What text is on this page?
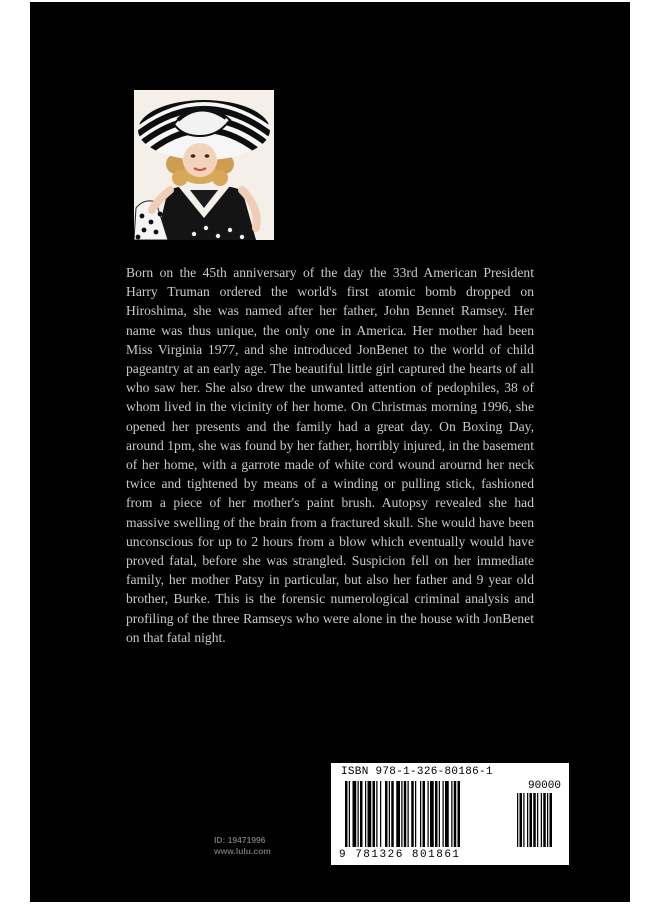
Born on the 45th anniversary of the day the 33rd American President Harry Truman ordered the world's first atomic bomb dropped on Hiroshima, she was named after her father, John Bennet Ramsey. Her name was thus unique, the only one in America. Her mother had been Miss Virginia 1977, and she introduced JonBenet to the world of child pageantry at an early age. The beautiful little girl captured the hearts of all who saw her. She also drew the unwanted attention of pedophiles, 38 of whom lived in the vicinity of her home. On Christmas morning 1996, she opened her presents and the family had a great day. On Boxing Day, around 1pm, she was found by her father, horribly injured, in the basement of her home, with a garrote made of white cord wound arournd her neck twice and tightened by means of a winding or pulling stick, fashioned from a piece of her mother's paint brush. Autopsy revealed she had massive swelling of the brain from a fractured skull. She would have been unconscious for up to 2 hours from a blow which eventually would have proved fatal, before she was strangled. Suspicion fell on her immediate family, her mother Patsy in particular, but also her father and 9 year old brother, Burke. This is the forensic numerological criminal analysis and profiling of the three Ramseys who were alone in the house with JonBenet on that fatal night.

ID: 19471996
www.lulu.com
ISBN 978-1-326-80186-1
90000
9 781326 801861
